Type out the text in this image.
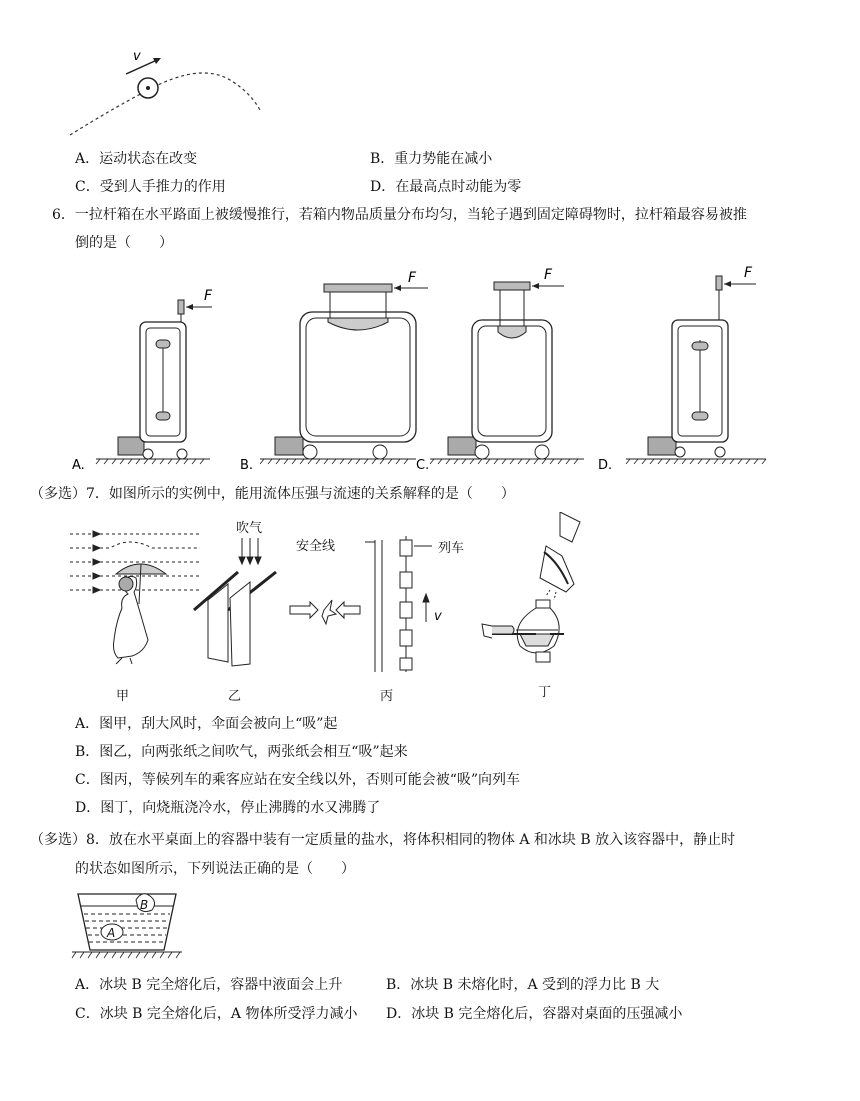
v
A．运动状态在改变	B．重力势能在减小
C．受到人手推力的作用	D．在最高点时动能为零
6．一拉杆箱在水平路面上被缓慢推行，若箱内物品质量分布均匀，当轮子遇到固定障碍物时，拉杆箱最容易被推
倒的是（　　）
F
A.
F
B.
F
C.
F
D.
（多选）7．如图所示的实例中，能用流体压强与流速的关系解释的是（　　）
吹气
安全线	列车
v
甲	乙	丙	丁
A．图甲，刮大风时，伞面会被向上“吸”起
B．图乙，向两张纸之间吹气，两张纸会相互“吸”起来
C．图丙，等候列车的乘客应站在安全线以外，否则可能会被“吸”向列车
D．图丁，向烧瓶浇冷水，停止沸腾的水又沸腾了
（多选）8．放在水平桌面上的容器中装有一定质量的盐水，将体积相同的物体 A 和冰块 B 放入该容器中，静止时
的状态如图所示，下列说法正确的是（　　）
A
B
A．冰块 B 完全熔化后，容器中液面会上升	B．冰块 B 未熔化时，A 受到的浮力比 B 大
C．冰块 B 完全熔化后，A 物体所受浮力减小 D．冰块 B 完全熔化后，容器对桌面的压强减小
